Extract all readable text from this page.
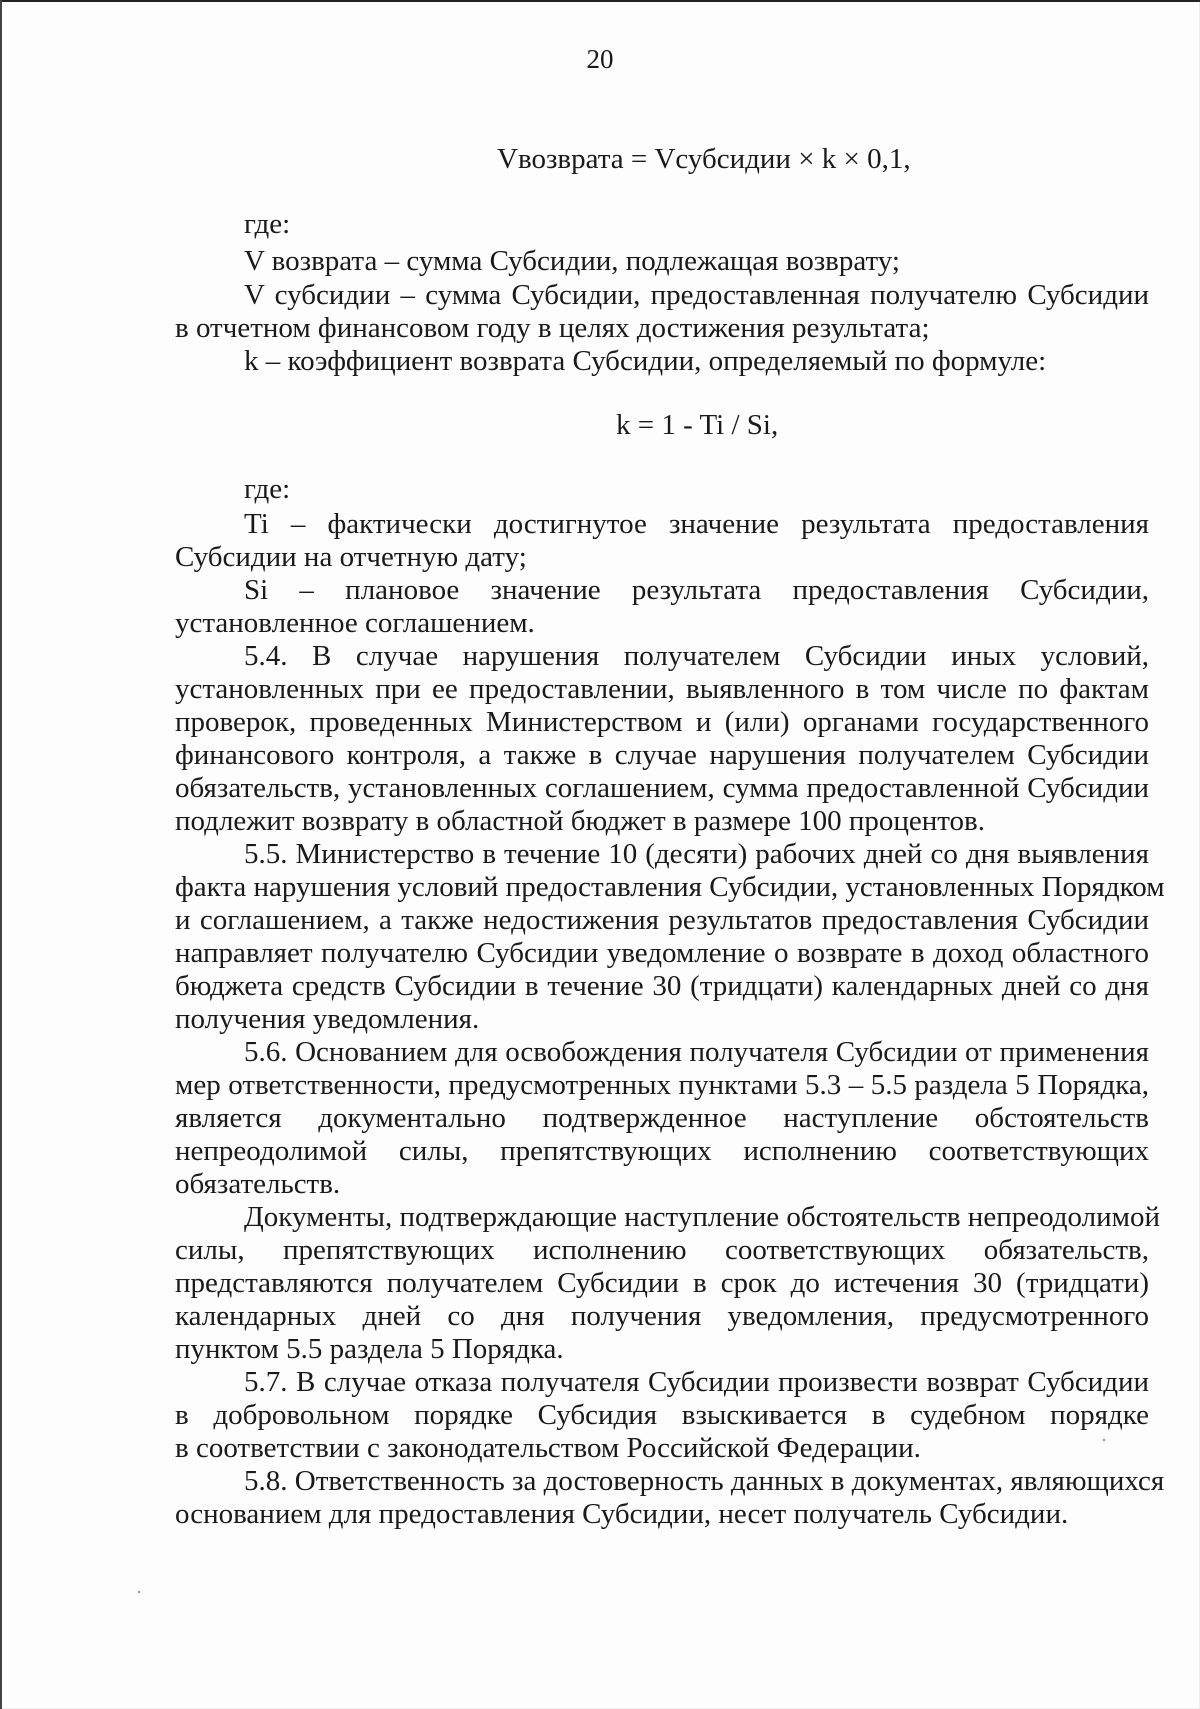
20
Vвозврата = Vсубсидии × k × 0,1,
где:
V возврата – сумма Субсидии, подлежащая возврату;
V субсидии – сумма Субсидии, предоставленная получателю Субсидии
в отчетном финансовом году в целях достижения результата;
k – коэффициент возврата Субсидии, определяемый по формуле:
k = 1 - Ti / Si,
где:
Ti – фактически достигнутое значение результата предоставления
Субсидии на отчетную дату;
Si – плановое значение результата предоставления Субсидии,
установленное соглашением.
5.4. В случае нарушения получателем Субсидии иных условий,
установленных при ее предоставлении, выявленного в том числе по фактам
проверок, проведенных Министерством и (или) органами государственного
финансового контроля, а также в случае нарушения получателем Субсидии
обязательств, установленных соглашением, сумма предоставленной Субсидии
подлежит возврату в областной бюджет в размере 100 процентов.
5.5. Министерство в течение 10 (десяти) рабочих дней со дня выявления
факта нарушения условий предоставления Субсидии, установленных Порядком
и соглашением, а также недостижения результатов предоставления Субсидии
направляет получателю Субсидии уведомление о возврате в доход областного
бюджета средств Субсидии в течение 30 (тридцати) календарных дней со дня
получения уведомления.
5.6. Основанием для освобождения получателя Субсидии от применения
мер ответственности, предусмотренных пунктами 5.3 – 5.5 раздела 5 Порядка,
является документально подтвержденное наступление обстоятельств
непреодолимой силы, препятствующих исполнению соответствующих
обязательств.
Документы, подтверждающие наступление обстоятельств непреодолимой
силы, препятствующих исполнению соответствующих обязательств,
представляются получателем Субсидии в срок до истечения 30 (тридцати)
календарных дней со дня получения уведомления, предусмотренного
пунктом 5.5 раздела 5 Порядка.
5.7. В случае отказа получателя Субсидии произвести возврат Субсидии
в добровольном порядке Субсидия взыскивается в судебном порядке
в соответствии с законодательством Российской Федерации.
5.8. Ответственность за достоверность данных в документах, являющихся
основанием для предоставления Субсидии, несет получатель Субсидии.
